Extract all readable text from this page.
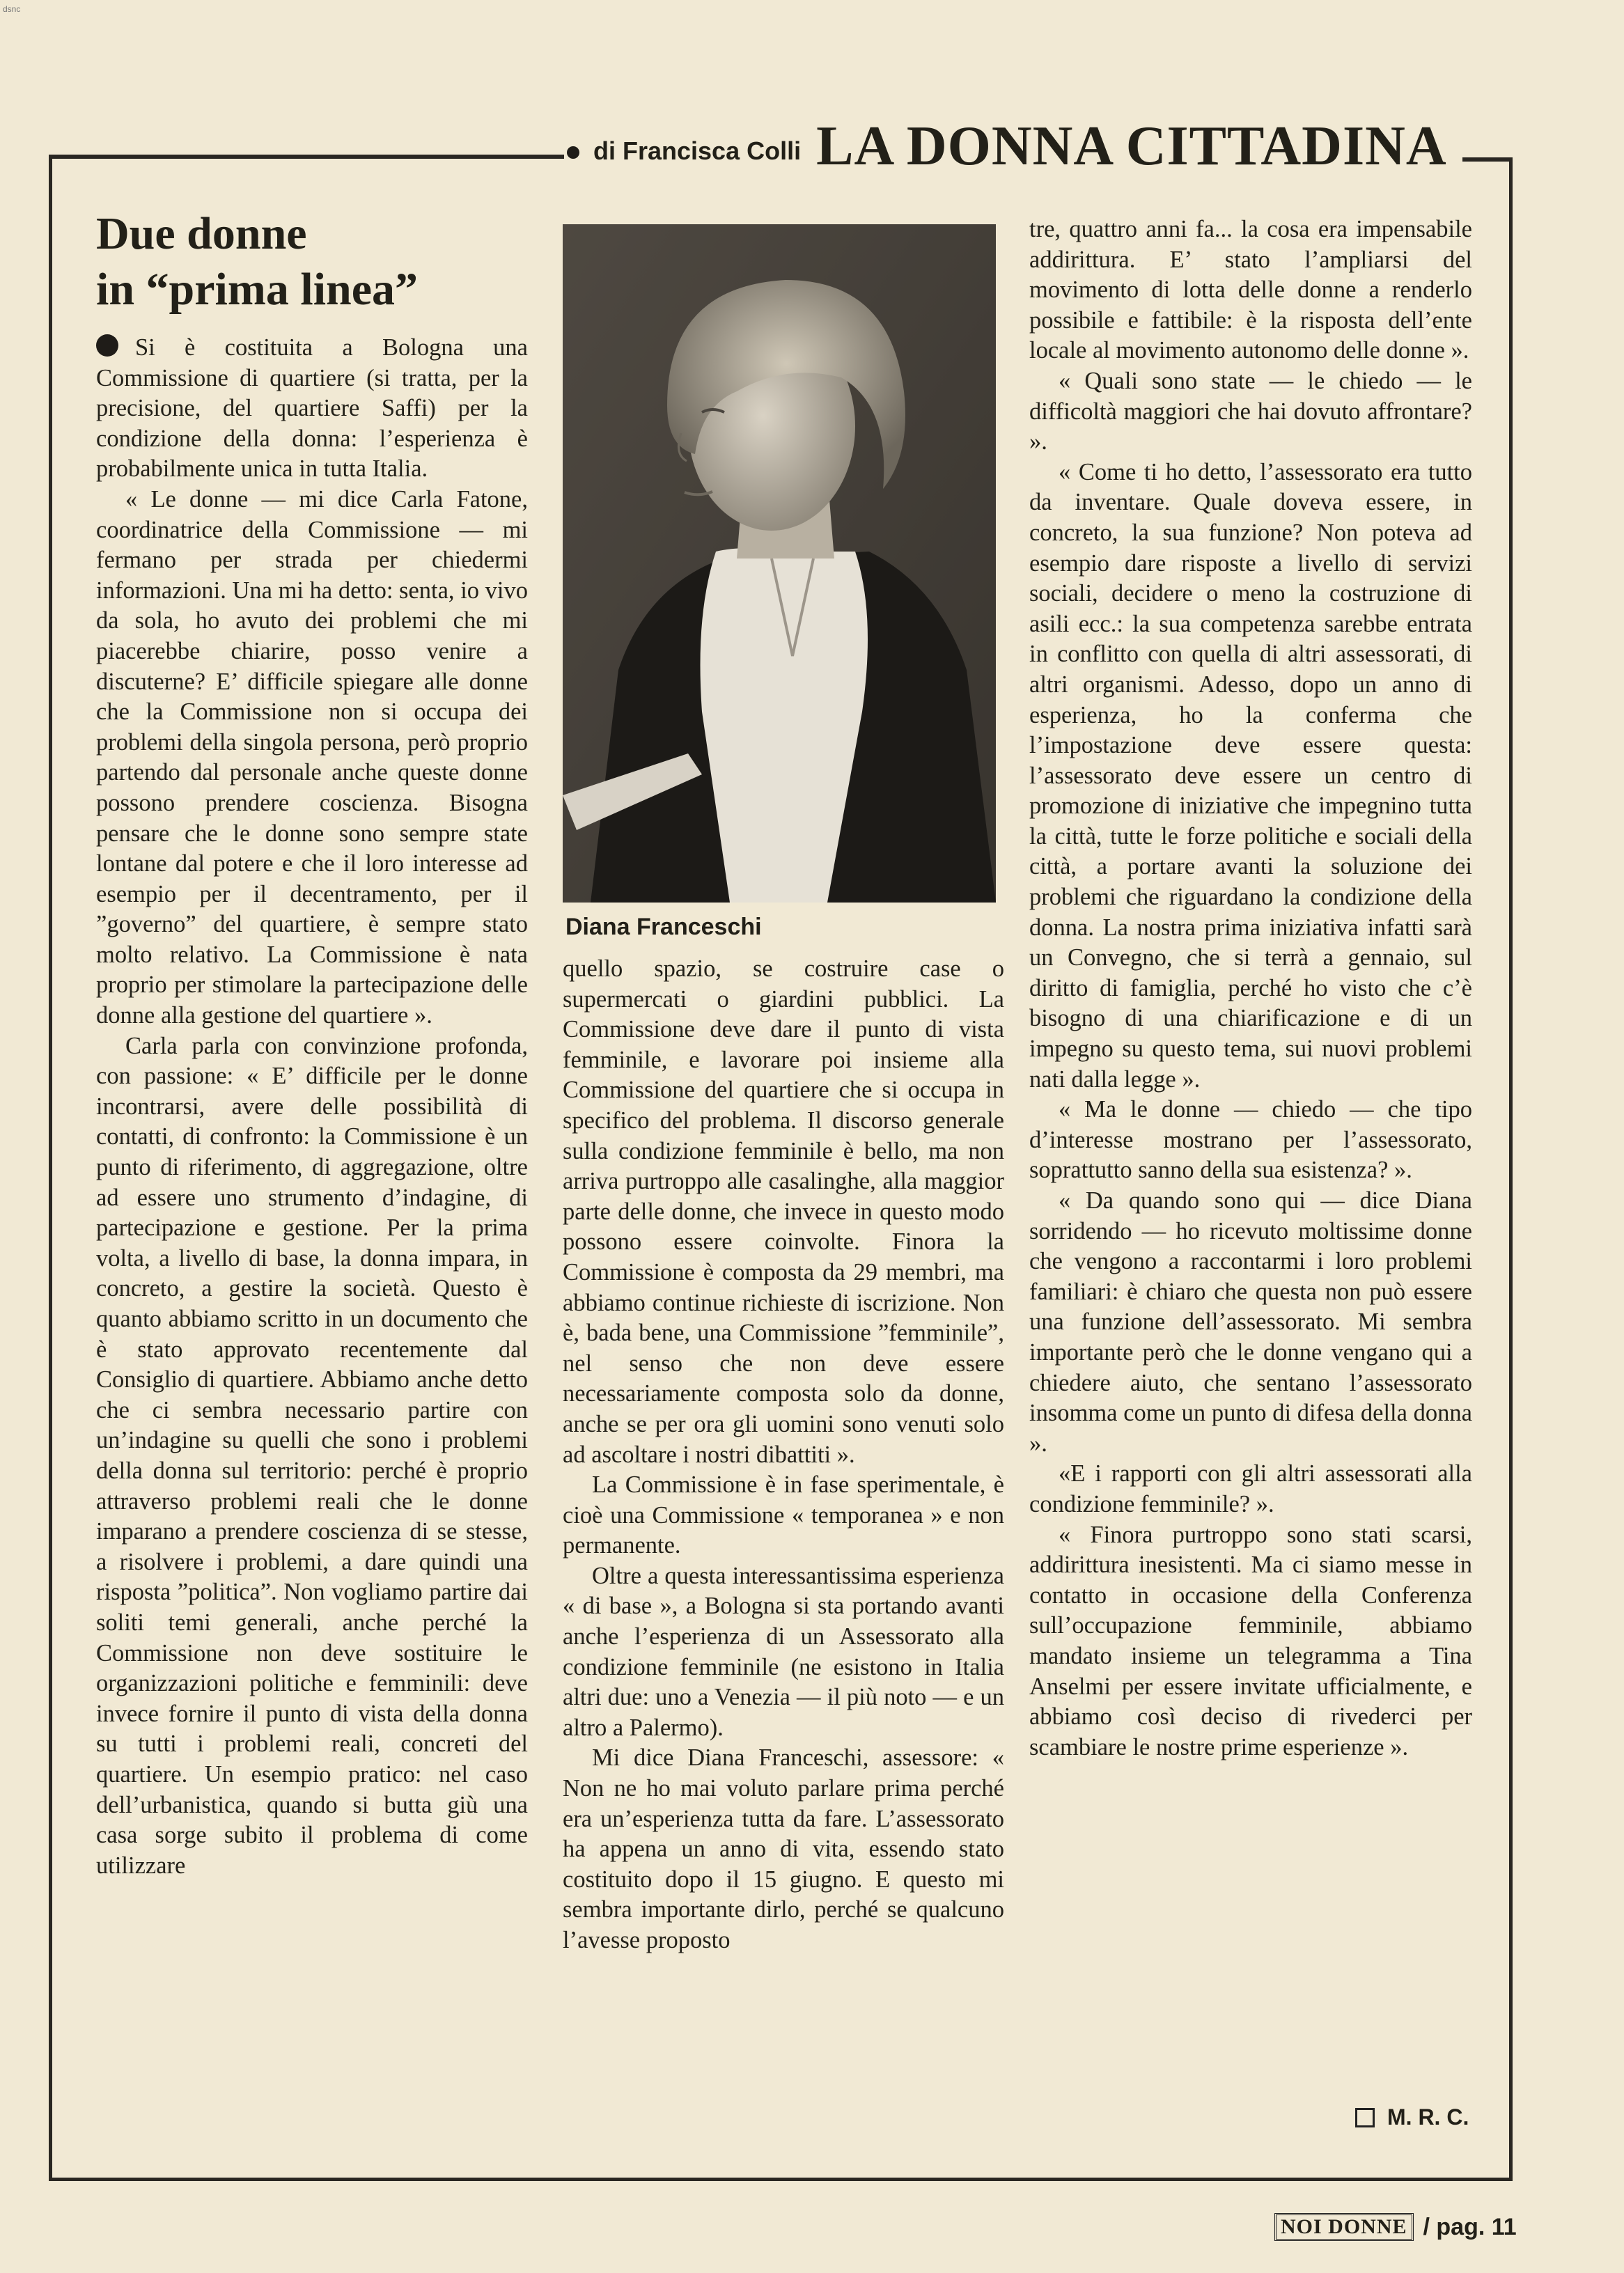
dsnc
di Francisca Colli LA DONNA CITTADINA
Due donne
in “prima linea”

Si è costituita a Bologna una Commissione di quartiere (si tratta, per la precisione, del quartiere Saffi) per la condizione della donna: l’esperienza è probabilmente unica in tutta Italia.

« Le donne — mi dice Carla Fatone, coordinatrice della Commissione — mi fermano per strada per chiedermi informazioni. Una mi ha detto: senta, io vivo da sola, ho avuto dei problemi che mi piacerebbe chiarire, posso venire a discuterne? E’ difficile spiegare alle donne che la Commissione non si occupa dei problemi della singola persona, però proprio partendo dal personale anche queste donne possono prendere coscienza. Bisogna pensare che le donne sono sempre state lontane dal potere e che il loro interesse ad esempio per il decentramento, per il ”governo” del quartiere, è sempre stato molto relativo. La Commissione è nata proprio per stimolare la partecipazione delle donne alla gestione del quartiere ».

Carla parla con convinzione profonda, con passione: « E’ difficile per le donne incontrarsi, avere delle possibilità di contatti, di confronto: la Commissione è un punto di riferimento, di aggregazione, oltre ad essere uno strumento d’indagine, di partecipazione e gestione. Per la prima volta, a livello di base, la donna impara, in concreto, a gestire la società. Questo è quanto abbiamo scritto in un documento che è stato approvato recentemente dal Consiglio di quartiere. Abbiamo anche detto che ci sembra necessario partire con un’indagine su quelli che sono i problemi della donna sul territorio: perché è proprio attraverso problemi reali che le donne imparano a prendere coscienza di se stesse, a risolvere i problemi, a dare quindi una risposta ”politica”. Non vogliamo partire dai soliti temi generali, anche perché la Commissione non deve sostituire le organizzazioni politiche e femminili: deve invece fornire il punto di vista della donna su tutti i problemi reali, concreti del quartiere. Un esempio pratico: nel caso dell’urbanistica, quando si butta giù una casa sorge subito il problema di come utilizzare

Diana Franceschi

quello spazio, se costruire case o supermercati o giardini pubblici. La Commissione deve dare il punto di vista femminile, e lavorare poi insieme alla Commissione del quartiere che si occupa in specifico del problema. Il discorso generale sulla condizione femminile è bello, ma non arriva purtroppo alle casalinghe, alla maggior parte delle donne, che invece in questo modo possono essere coinvolte. Finora la Commissione è composta da 29 membri, ma abbiamo continue richieste di iscrizione. Non è, bada bene, una Commissione ”femminile”, nel senso che non deve essere necessariamente composta solo da donne, anche se per ora gli uomini sono venuti solo ad ascoltare i nostri dibattiti ».

La Commissione è in fase sperimentale, è cioè una Commissione « temporanea » e non permanente.

Oltre a questa interessantissima esperienza « di base », a Bologna si sta portando avanti anche l’esperienza di un Assessorato alla condizione femminile (ne esistono in Italia altri due: uno a Venezia — il più noto — e un altro a Palermo).

Mi dice Diana Franceschi, assessore: « Non ne ho mai voluto parlare prima perché era un’esperienza tutta da fare. L’assessorato ha appena un anno di vita, essendo stato costituito dopo il 15 giugno. E questo mi sembra importante dirlo, perché se qualcuno l’avesse proposto

tre, quattro anni fa... la cosa era impensabile addirittura. E’ stato l’ampliarsi del movimento di lotta delle donne a renderlo possibile e fattibile: è la risposta dell’ente locale al movimento autonomo delle donne ».

« Quali sono state — le chiedo — le difficoltà maggiori che hai dovuto affrontare? ».

« Come ti ho detto, l’assessorato era tutto da inventare. Quale doveva essere, in concreto, la sua funzione? Non poteva ad esempio dare risposte a livello di servizi sociali, decidere o meno la costruzione di asili ecc.: la sua competenza sarebbe entrata in conflitto con quella di altri assessorati, di altri organismi. Adesso, dopo un anno di esperienza, ho la conferma che l’impostazione deve essere questa: l’assessorato deve essere un centro di promozione di iniziative che impegnino tutta la città, tutte le forze politiche e sociali della città, a portare avanti la soluzione dei problemi che riguardano la condizione della donna. La nostra prima iniziativa infatti sarà un Convegno, che si terrà a gennaio, sul diritto di famiglia, perché ho visto che c’è bisogno di una chiarificazione e di un impegno su questo tema, sui nuovi problemi nati dalla legge ».

« Ma le donne — chiedo — che tipo d’interesse mostrano per l’assessorato, soprattutto sanno della sua esistenza? ».

« Da quando sono qui — dice Diana sorridendo — ho ricevuto moltissime donne che vengono a raccontarmi i loro problemi familiari: è chiaro che questa non può essere una funzione dell’assessorato. Mi sembra importante però che le donne vengano qui a chiedere aiuto, che sentano l’assessorato insomma come un punto di difesa della donna ».

«E i rapporti con gli altri assessorati alla condizione femminile? ».

« Finora purtroppo sono stati scarsi, addirittura inesistenti. Ma ci siamo messe in contatto in occasione della Conferenza sull’occupazione femminile, abbiamo mandato insieme un telegramma a Tina Anselmi per essere invitate ufficialmente, e abbiamo così deciso di rivederci per scambiare le nostre prime esperienze ».

M. R. C.
NOI DONNE / pag. 11
